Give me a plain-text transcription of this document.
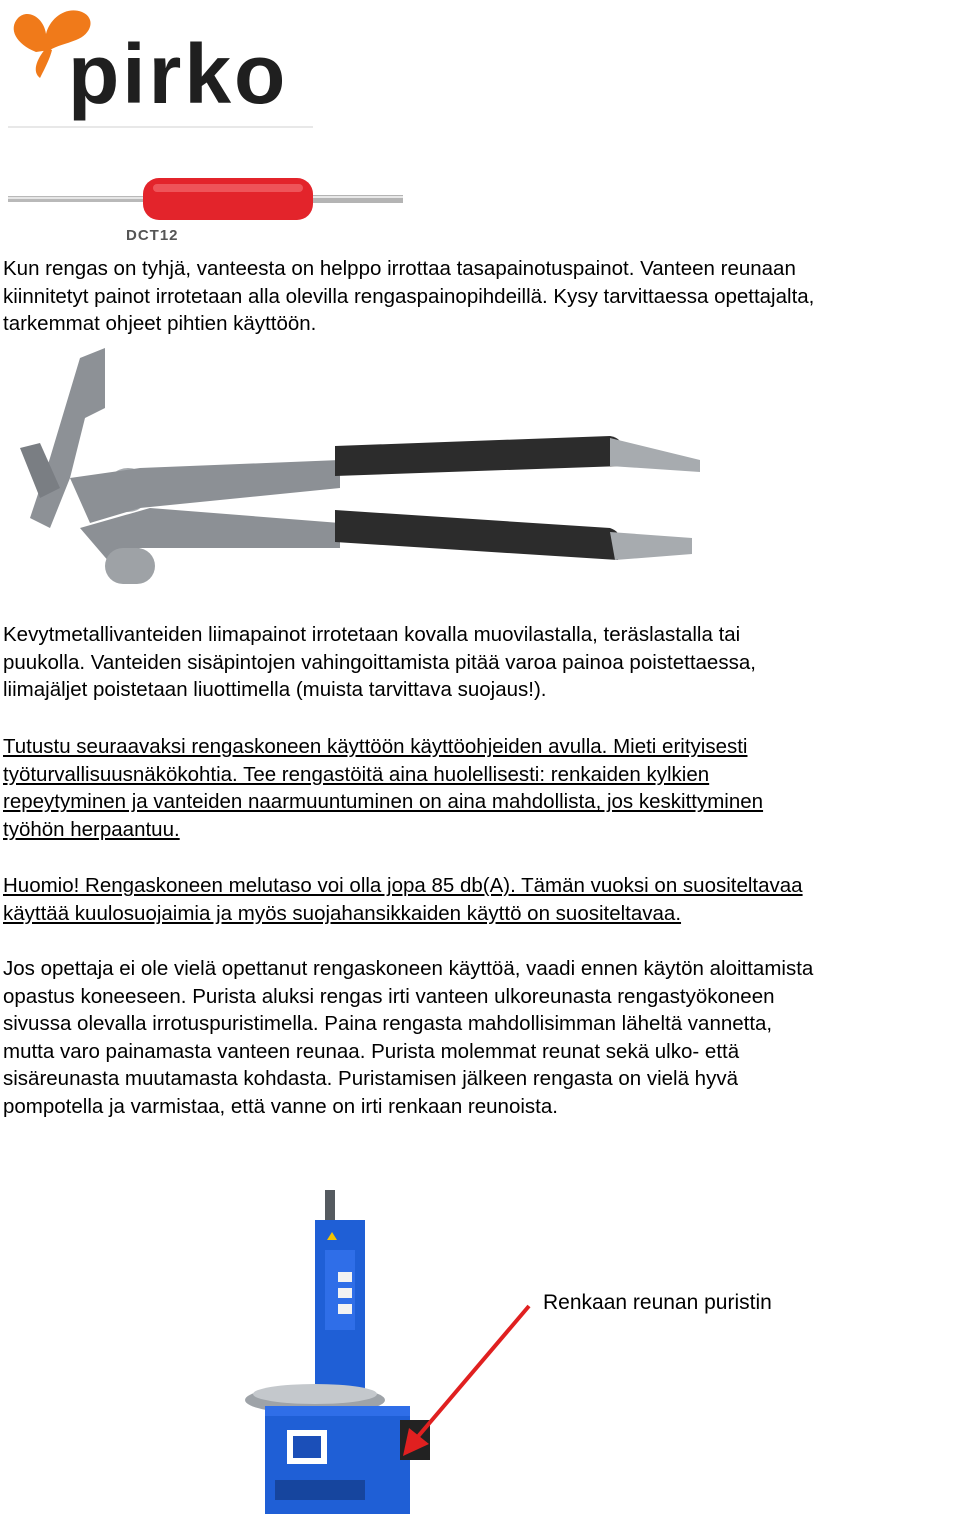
pirko
DCT12

Kun rengas on tyhjä, vanteesta on helppo irrottaa tasapainotuspainot. Vanteen reunaan
kiinnitetyt painot irrotetaan alla olevilla rengaspainopihdeillä. Kysy tarvittaessa opettajalta,
tarkemmat ohjeet pihtien käyttöön.

Kevytmetallivanteiden liimapainot irrotetaan kovalla muovilastalla, teräslastalla tai
puukolla. Vanteiden sisäpintojen vahingoittamista pitää varoa painoa poistettaessa,
liimajäljet poistetaan liuottimella (muista tarvittava suojaus!).

Tutustu seuraavaksi rengaskoneen käyttöön käyttöohjeiden avulla. Mieti erityisesti
työturvallisuusnäkökohtia. Tee rengastöitä aina huolellisesti: renkaiden kylkien
repeytyminen ja vanteiden naarmuuntuminen on aina mahdollista, jos keskittyminen
työhön herpaantuu.

Huomio! Rengaskoneen melutaso voi olla jopa 85 db(A). Tämän vuoksi on suositeltavaa
käyttää kuulosuojaimia ja myös suojahansikkaiden käyttö on suositeltavaa.

Jos opettaja ei ole vielä opettanut rengaskoneen käyttöä, vaadi ennen käytön aloittamista
opastus koneeseen. Purista aluksi rengas irti vanteen ulkoreunasta rengastyökoneen
sivussa olevalla irrotuspuristimella. Paina rengasta mahdollisimman läheltä vannetta,
mutta varo painamasta vanteen reunaa. Purista molemmat reunat sekä ulko- että
sisäreunasta muutamasta kohdasta. Puristamisen jälkeen rengasta on vielä hyvä
pompotella ja varmistaa, että vanne on irti renkaan reunoista.

Renkaan reunan puristin
